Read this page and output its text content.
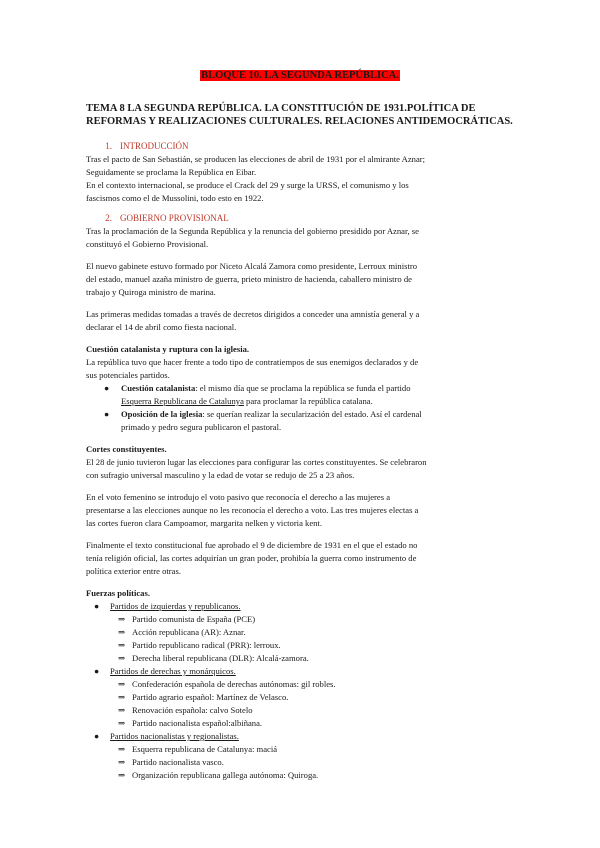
BLOQUE 10. LA SEGUNDA REPÚBLICA.
TEMA 8 LA SEGUNDA REPÚBLICA. LA CONSTITUCIÓN DE 1931.POLÍTICA DE REFORMAS Y REALIZACIONES CULTURALES. RELACIONES ANTIDEMOCRÁTICAS.
1. INTRODUCCIÓN
Tras el pacto de San Sebastián, se producen las elecciones de abril de 1931 por el almirante Aznar;
Seguidamente se proclama la República en Eibar.
En el contexto internacional, se produce el Crack del 29 y surge la URSS, el comunismo y los
fascismos como el de Mussolini, todo esto en 1922.
2. GOBIERNO PROVISIONAL
Tras la proclamación de la Segunda República y la renuncia del gobierno presidido por Aznar, se
constituyó el Gobierno Provisional.
El nuevo gabinete estuvo formado por Niceto Alcalá Zamora como presidente, Lerroux ministro
del estado, manuel azaña ministro de guerra, prieto ministro de hacienda, caballero ministro de
trabajo y Quiroga ministro de marina.
Las primeras medidas tomadas a través de decretos dirigidos a conceder una amnistía general y a
declarar el 14 de abril como fiesta nacional.
Cuestión catalanista y ruptura con la iglesia.
La república tuvo que hacer frente a todo tipo de contratiempos de sus enemigos declarados y de
sus potenciales partidos.
● Cuestión catalanista: el mismo día que se proclama la república se funda el partido
Esquerra Republicana de Catalunya para proclamar la república catalana.
● Oposición de la iglesia: se querían realizar la secularización del estado. Así el cardenal
primado y pedro segura publicaron el pastoral.
Cortes constituyentes.
El 28 de junio tuvieron lugar las elecciones para configurar las cortes constituyentes. Se celebraron
con sufragio universal masculino y la edad de votar se redujo de 25 a 23 años.
En el voto femenino se introdujo el voto pasivo que reconocía el derecho a las mujeres a
presentarse a las elecciones aunque no les reconocía el derecho a voto. Las tres mujeres electas a
las cortes fueron clara Campoamor, margarita nelken y victoria kent.
Finalmente el texto constitucional fue aprobado el 9 de diciembre de 1931 en el que el estado no
tenía religión oficial, las cortes adquirían un gran poder, prohibía la guerra como instrumento de
política exterior entre otras.
Fuerzas políticas.
● Partidos de izquierdas y republicanos.
⇒ Partido comunista de España (PCE)
⇒ Acción republicana (AR): Aznar.
⇒ Partido republicano radical (PRR): lerroux.
⇒ Derecha liberal republicana (DLR): Alcalá-zamora.
● Partidos de derechas y monárquicos.
⇒ Confederación española de derechas autónomas: gil robles.
⇒ Partido agrario español: Martínez de Velasco.
⇒ Renovación española: calvo Sotelo
⇒ Partido nacionalista español:albiñana.
● Partidos nacionalistas y regionalistas.
⇒ Esquerra republicana de Catalunya: maciá
⇒ Partido nacionalista vasco.
⇒ Organización republicana gallega autónoma: Quiroga.
